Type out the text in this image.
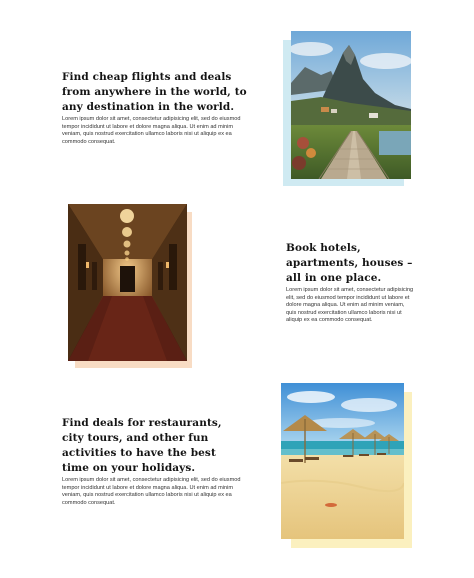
Find cheap flights and deals from anywhere in the world, to any destination in the world.

Lorem ipsum dolor sit amet, consectetur adipisicing elit, sed do eiusmod tempor incididunt ut labore et dolore magna aliqua. Ut enim ad minim veniam, quis nostrud exercitation ullamco laboris nisi ut aliquip ex ea commodo consequat.

Book hotels, apartments, houses – all in one place.

Lorem ipsum dolor sit amet, consectetur adipisicing elit, sed do eiusmod tempor incididunt ut labore et dolore magna aliqua. Ut enim ad minim veniam, quis nostrud exercitation ullamco laboris nisi ut aliquip ex ea commodo consequat.

Find deals for restaurants, city tours, and other fun activities to have the best time on your holidays.

Lorem ipsum dolor sit amet, consectetur adipisicing elit, sed do eiusmod tempor incididunt ut labore et dolore magna aliqua. Ut enim ad minim veniam, quis nostrud exercitation ullamco laboris nisi ut aliquip ex ea commodo consequat.
